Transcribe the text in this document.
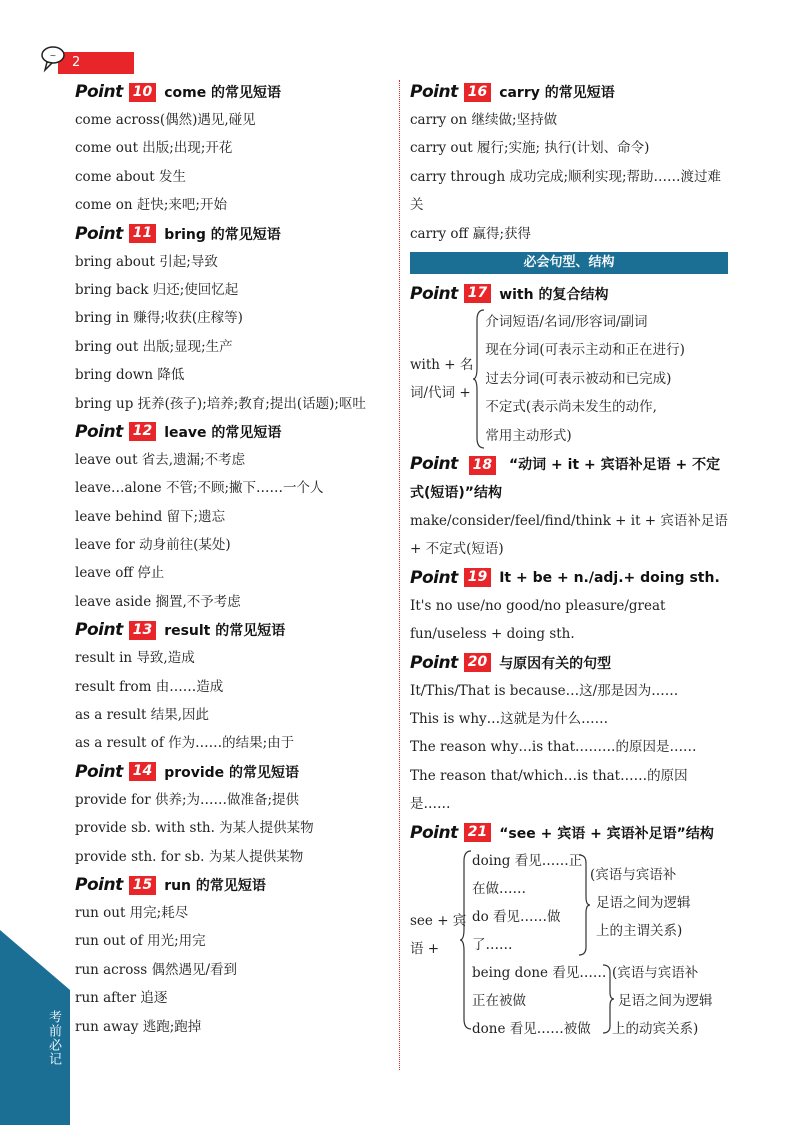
2
~
考前必记
Point 10 come 的常见短语
come across(偶然)遇见,碰见
come out 出版;出现;开花
come about 发生
come on 赶快;来吧;开始
Point 11 bring 的常见短语
bring about 引起;导致
bring back 归还;使回忆起
bring in 赚得;收获(庄稼等)
bring out 出版;显现;生产
bring down 降低
bring up 抚养(孩子);培养;教育;提出(话题);呕吐
Point 12 leave 的常见短语
leave out 省去,遗漏;不考虑
leave…alone 不管;不顾;撇下……一个人
leave behind 留下;遗忘
leave for 动身前往(某处)
leave off 停止
leave aside 搁置,不予考虑
Point 13 result 的常见短语
result in 导致,造成
result from 由……造成
as a result 结果,因此
as a result of 作为……的结果;由于
Point 14 provide 的常见短语
provide for 供养;为……做准备;提供
provide sb. with sth. 为某人提供某物
provide sth. for sb. 为某人提供某物
Point 15 run 的常见短语
run out 用完;耗尽
run out of 用光;用完
run across 偶然遇见/看到
run after 追逐
run away 逃跑;跑掉
Point 16 carry 的常见短语
carry on 继续做;坚持做
carry out 履行;实施; 执行(计划、命令)
carry through 成功完成;顺利实现;帮助……渡过难关
carry off 赢得;获得
必会句型、结构
Point 17 with 的复合结构
with + 名
词/代词 +
介词短语/名词/形容词/副词
现在分词(可表示主动和正在进行)
过去分词(可表示被动和已完成)
不定式(表示尚未发生的动作,
常用主动形式)
Point 18 “动词 + it + 宾语补足语 + 不定式(短语)”结构
make/consider/feel/find/think + it + 宾语补足语 + 不定式(短语)
Point 19 It + be + n./adj.+ doing sth.
It's no use/no good/no pleasure/great fun/useless + doing sth.
Point 20 与原因有关的句型
It/This/That is because…这/那是因为……
This is why…这就是为什么……
The reason why…is that………的原因是……
The reason that/which…is that……的原因是……
Point 21 “see + 宾语 + 宾语补足语”结构
see + 宾
语 +
doing 看见……正
在做……
do 看见……做
了……
(宾语与宾语补
足语之间为逻辑
上的主谓关系)
being done 看见……
正在被做
done 看见……被做
(宾语与宾语补
足语之间为逻辑
上的动宾关系)
